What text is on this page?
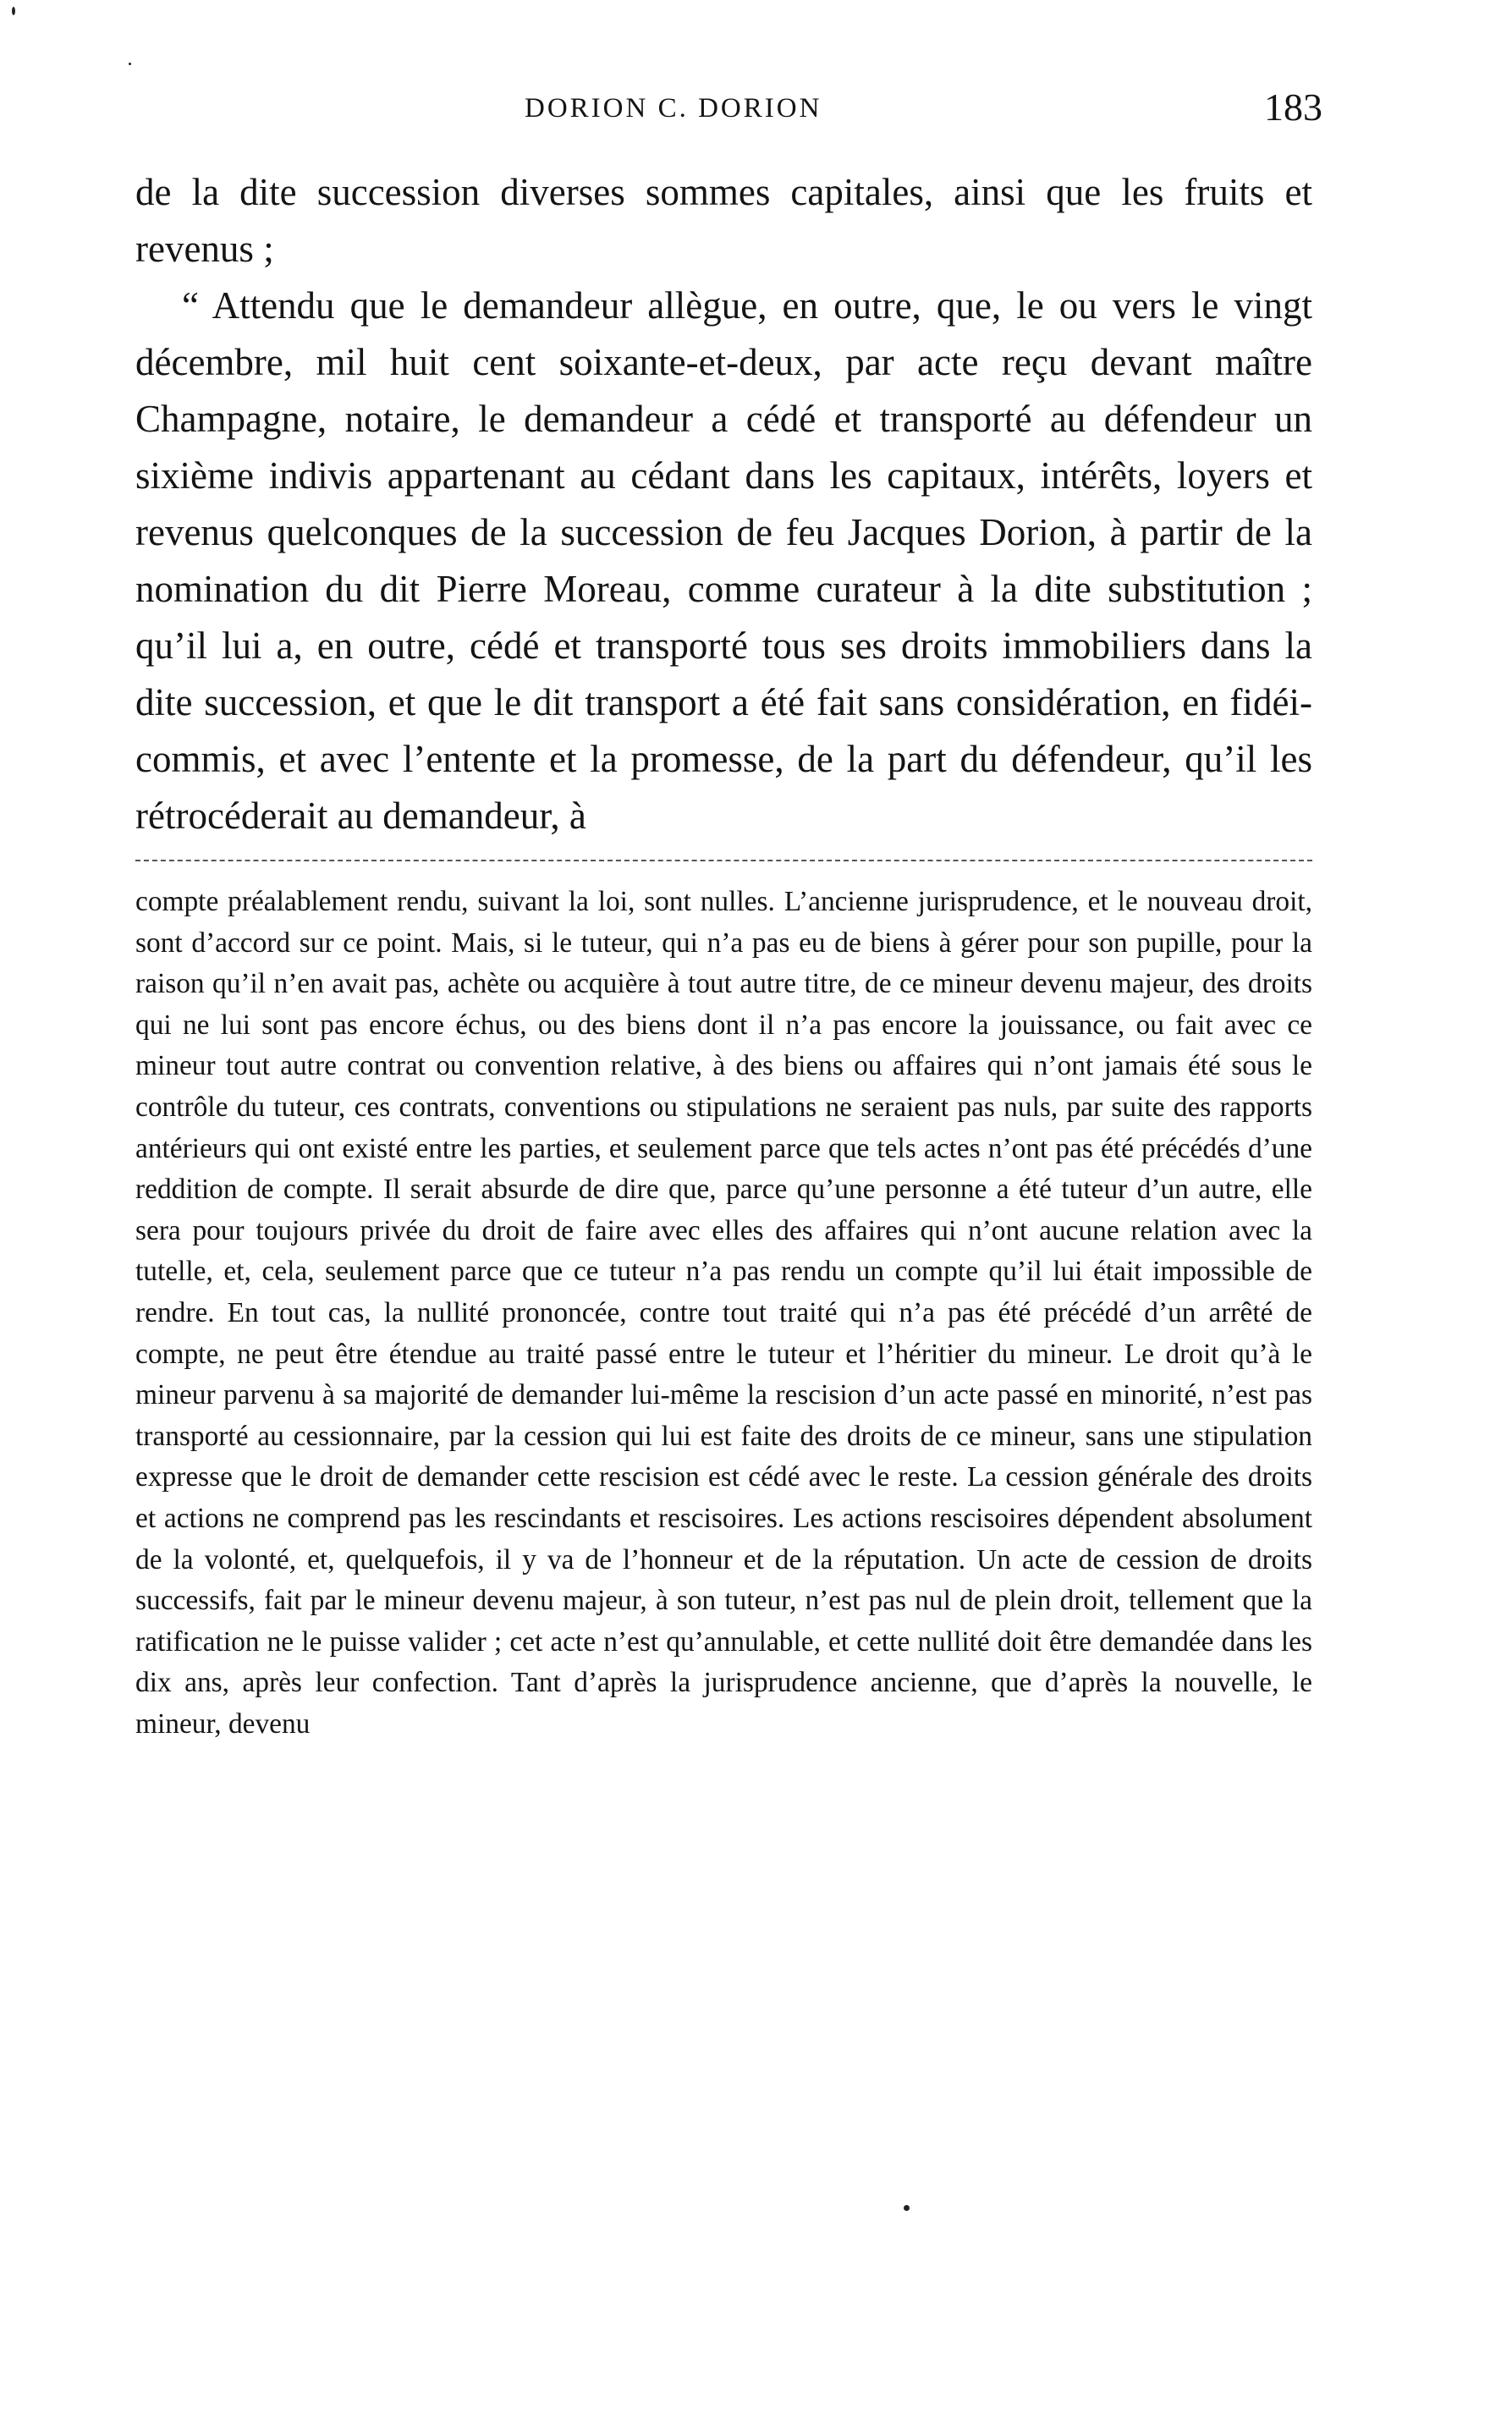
DORION C. DORION	183

de la dite succession diverses sommes capitales, ainsi que les fruits et revenus ;

“ Attendu que le demandeur allègue, en outre, que, le ou vers le vingt décembre, mil huit cent soixante-et-deux, par acte reçu devant maître Champagne, notaire, le demandeur a cédé et transporté au défendeur un sixième indivis appartenant au cédant dans les capitaux, intérêts, loyers et revenus quelconques de la succession de feu Jacques Dorion, à partir de la nomination du dit Pierre Moreau, comme curateur à la dite substitution ; qu’il lui a, en outre, cédé et transporté tous ses droits immobiliers dans la dite succession, et que le dit transport a été fait sans considération, en fidéi-commis, et avec l’entente et la promesse, de la part du défendeur, qu’il les rétrocéderait au demandeur, à

compte préalablement rendu, suivant la loi, sont nulles. L’ancienne jurisprudence, et le nouveau droit, sont d’accord sur ce point. Mais, si le tuteur, qui n’a pas eu de biens à gérer pour son pupille, pour la raison qu’il n’en avait pas, achète ou acquière à tout autre titre, de ce mineur devenu majeur, des droits qui ne lui sont pas encore échus, ou des biens dont il n’a pas encore la jouissance, ou fait avec ce mineur tout autre contrat ou convention relative, à des biens ou affaires qui n’ont jamais été sous le contrôle du tuteur, ces contrats, conventions ou stipulations ne seraient pas nuls, par suite des rapports antérieurs qui ont existé entre les parties, et seulement parce que tels actes n’ont pas été précédés d’une reddition de compte. Il serait absurde de dire que, parce qu’une personne a été tuteur d’un autre, elle sera pour toujours privée du droit de faire avec elles des affaires qui n’ont aucune relation avec la tutelle, et, cela, seulement parce que ce tuteur n’a pas rendu un compte qu’il lui était impossible de rendre. En tout cas, la nullité prononcée, contre tout traité qui n’a pas été précédé d’un arrêté de compte, ne peut être étendue au traité passé entre le tuteur et l’héritier du mineur. Le droit qu’à le mineur parvenu à sa majorité de demander lui-même la rescision d’un acte passé en minorité, n’est pas transporté au cessionnaire, par la cession qui lui est faite des droits de ce mineur, sans une stipulation expresse que le droit de demander cette rescision est cédé avec le reste. La cession générale des droits et actions ne comprend pas les rescindants et rescisoires. Les actions rescisoires dépendent absolument de la volonté, et, quelquefois, il y va de l’honneur et de la réputation. Un acte de cession de droits successifs, fait par le mineur devenu majeur, à son tuteur, n’est pas nul de plein droit, tellement que la ratification ne le puisse valider ; cet acte n’est qu’annulable, et cette nullité doit être demandée dans les dix ans, après leur confection. Tant d’après la jurisprudence ancienne, que d’après la nouvelle, le mineur, devenu
